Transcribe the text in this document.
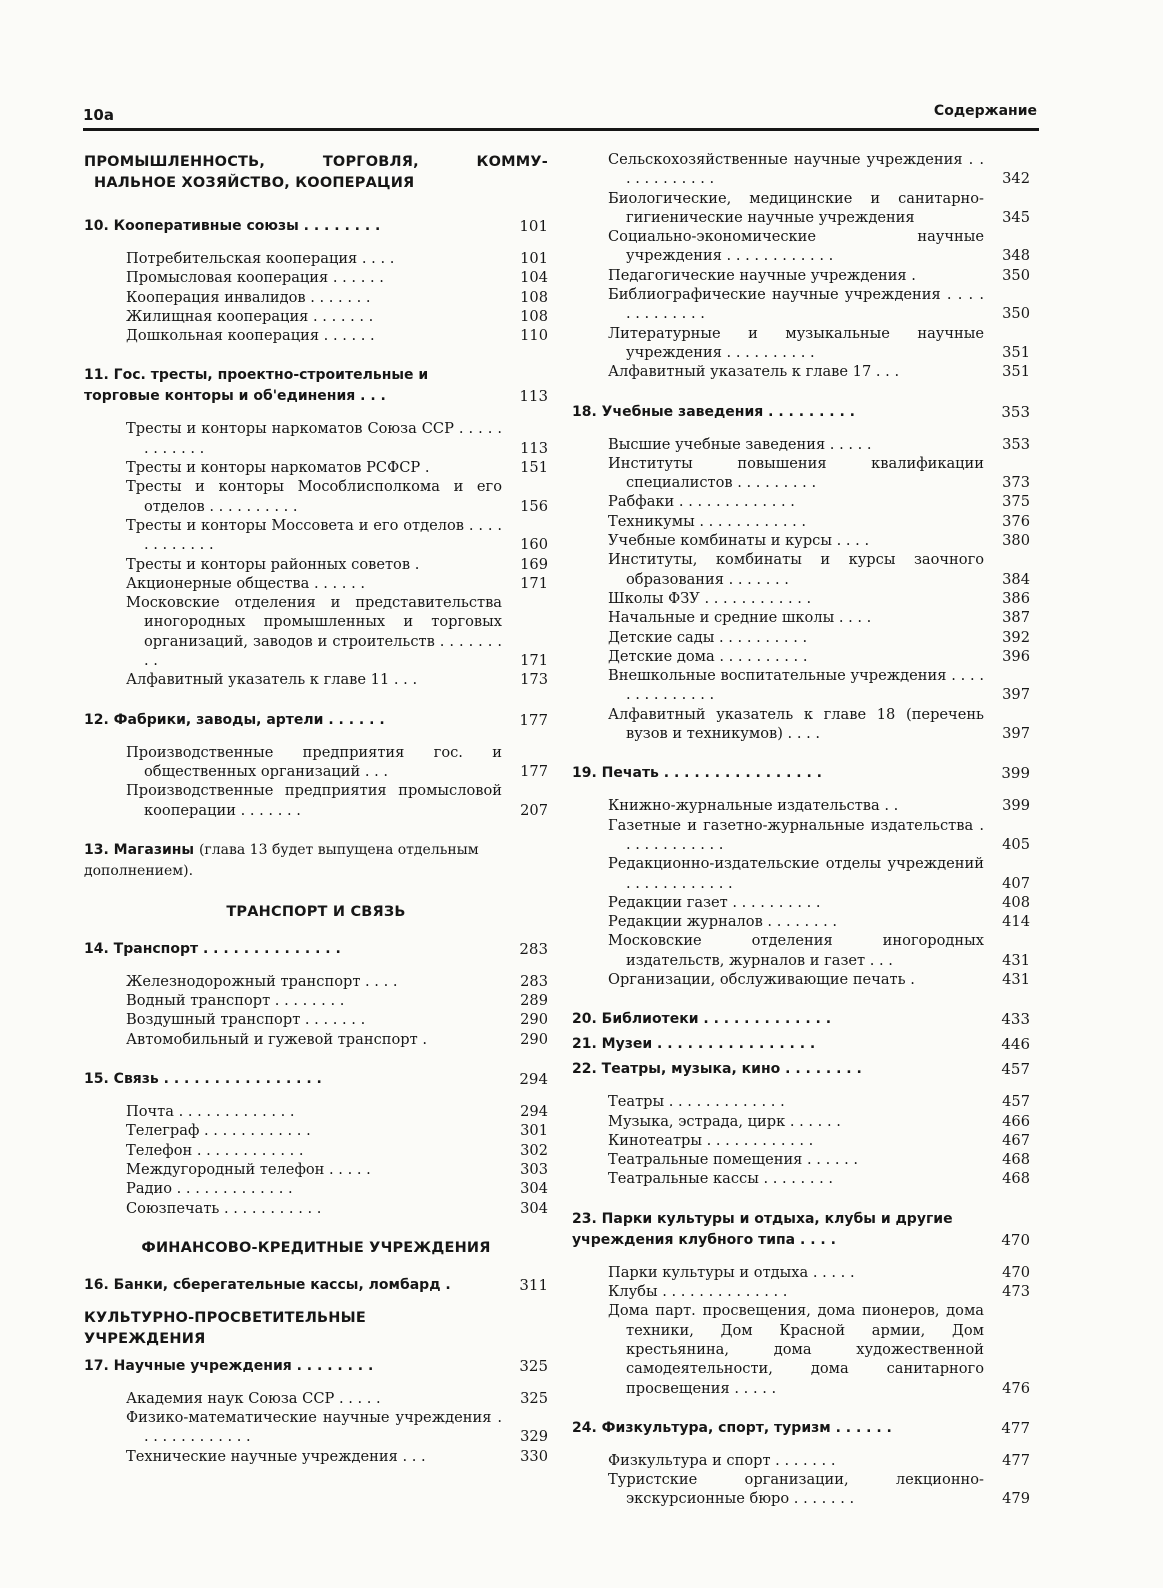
10а	Содержание
ПРОМЫШЛЕННОСТЬ, ТОРГОВЛЯ, КОММУ-
НАЛЬНОЕ ХОЗЯЙСТВО, КООПЕРАЦИЯ
10. Кооперативные союзы . . . . . . . .	101
Потребительская кооперация . . . .	101
Промысловая кооперация . . . . . .	104
Кооперация инвалидов . . . . . . .	108
Жилищная кооперация . . . . . . .	108
Дошкольная кооперация . . . . . .	110
11. Гос. тресты, проектно-строительные и торговые конторы и об'единения . . .	113
Тресты и конторы наркоматов Союза ССР . . . . . . . . . . . .	113
Тресты и конторы наркоматов РСФСР .	151
Тресты и конторы Мособлисполкома и его отделов . . . . . . . . . .	156
Тресты и конторы Моссовета и его отделов . . . . . . . . . . . .	160
Тресты и конторы районных советов .	169
Акционерные общества . . . . . .	171
Московские отделения и представительства иногородных промышленных и торговых организаций, заводов и строительств . . . . . . . . .	171
Алфавитный указатель к главе 11 . . .	173
12. Фабрики, заводы, артели . . . . . .	177
Производственные предприятия гос. и общественных организаций . . .	177
Производственные предприятия промысловой кооперации . . . . . . .	207
13. Магазины (глава 13 будет выпущена отдельным дополнением).
ТРАНСПОРТ И СВЯЗЬ
14. Транспорт . . . . . . . . . . . . . .	283
Железнодорожный транспорт . . . .	283
Водный транспорт . . . . . . . .	289
Воздушный транспорт . . . . . . .	290
Автомобильный и гужевой транспорт .	290
15. Связь . . . . . . . . . . . . . . . .	294
Почта . . . . . . . . . . . . .	294
Телеграф . . . . . . . . . . . .	301
Телефон . . . . . . . . . . . .	302
Междугородный телефон . . . . .	303
Радио . . . . . . . . . . . . .	304
Союзпечать . . . . . . . . . . .	304
ФИНАНСОВО-КРЕДИТНЫЕ УЧРЕЖДЕНИЯ
16. Банки, сберегательные кассы, ломбард .	311
КУЛЬТУРНО-ПРОСВЕТИТЕЛЬНЫЕ
УЧРЕЖДЕНИЯ
17. Научные учреждения . . . . . . . .	325
Академия наук Союза ССР . . . . .	325
Физико-математические научные учреждения . . . . . . . . . . . . .	329
Технические научные учреждения . . .	330
Сельскохозяйственные научные учреждения . . . . . . . . . . . .	342
Биологические, медицинские и санитарно-гигиенические научные учреждения	345
Социально-экономические научные учреждения . . . . . . . . . . . .	348
Педагогические научные учреждения .	350
Библиографические научные учреждения . . . . . . . . . . . . .	350
Литературные и музыкальные научные учреждения . . . . . . . . . .	351
Алфавитный указатель к главе 17 . . .	351
18. Учебные заведения . . . . . . . . .	353
Высшие учебные заведения . . . . .	353
Институты повышения квалификации специалистов . . . . . . . . .	373
Рабфаки . . . . . . . . . . . . .	375
Техникумы . . . . . . . . . . . .	376
Учебные комбинаты и курсы . . . .	380
Институты, комбинаты и курсы заочного образования . . . . . . .	384
Школы ФЗУ . . . . . . . . . . . .	386
Начальные и средние школы . . . .	387
Детские сады . . . . . . . . . .	392
Детские дома . . . . . . . . . .	396
Внешкольные воспитательные учреждения . . . . . . . . . . . . . .	397
Алфавитный указатель к главе 18 (перечень вузов и техникумов) . . . .	397
19. Печать . . . . . . . . . . . . . . . .	399
Книжно-журнальные издательства . .	399
Газетные и газетно-журнальные издательства . . . . . . . . . . . .	405
Редакционно-издательские отделы учреждений . . . . . . . . . . . .	407
Редакции газет . . . . . . . . . .	408
Редакции журналов . . . . . . . .	414
Московские отделения иногородных издательств, журналов и газет . . .	431
Организации, обслуживающие печать .	431
20. Библиотеки . . . . . . . . . . . . .	433
21. Музеи . . . . . . . . . . . . . . . .	446
22. Театры, музыка, кино . . . . . . . .	457
Театры . . . . . . . . . . . . .	457
Музыка, эстрада, цирк . . . . . .	466
Кинотеатры . . . . . . . . . . . .	467
Театральные помещения . . . . . .	468
Театральные кассы . . . . . . . .	468
23. Парки культуры и отдыха, клубы и другие учреждения клубного типа . . . .	470
Парки культуры и отдыха . . . . .	470
Клубы . . . . . . . . . . . . . .	473
Дома парт. просвещения, дома пионеров, дома техники, Дом Красной армии, Дом крестьянина, дома художественной самодеятельности, дома санитарного просвещения . . . . .	476
24. Физкультура, спорт, туризм . . . . . .	477
Физкультура и спорт . . . . . . .	477
Туристские организации, лекционно-экскурсионные бюро . . . . . . .	479
